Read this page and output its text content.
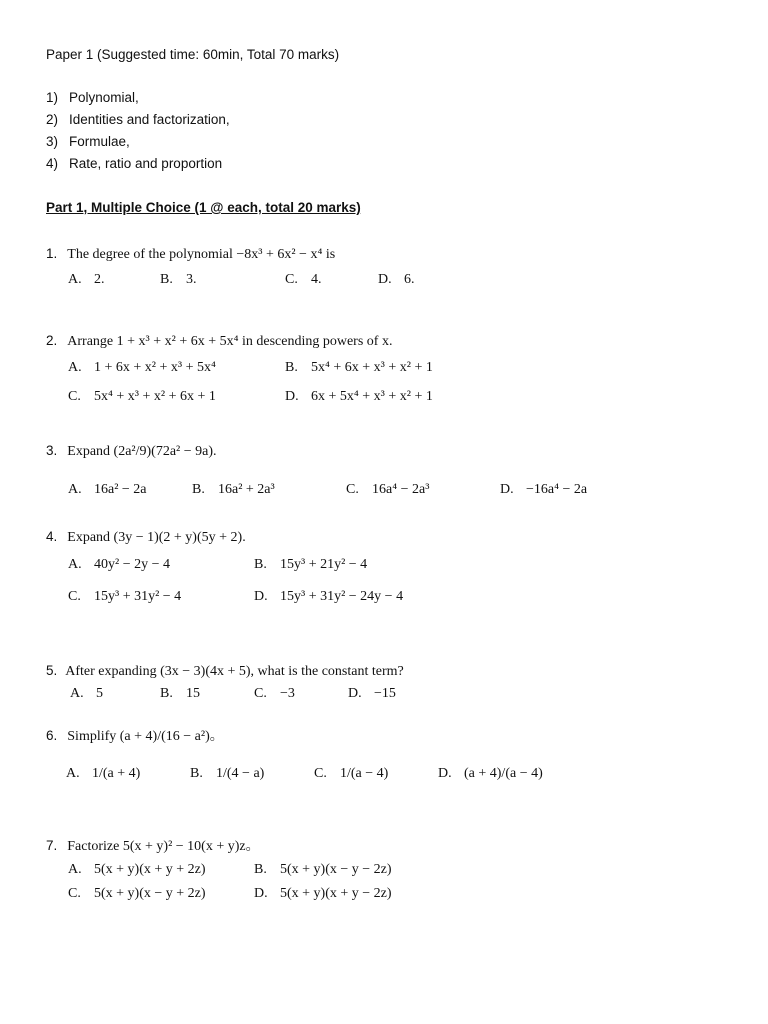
Paper 1 (Suggested time: 60min, Total 70 marks)
1) Polynomial,
2) Identities and factorization,
3) Formulae,
4) Rate, ratio and proportion
Part 1, Multiple Choice (1 @ each, total 20 marks)
1. The degree of the polynomial −8x³ + 6x² − x⁴ is
A. 2.	B. 3.	C. 4.	D. 6.
2. Arrange 1 + x³ + x² + 6x + 5x⁴ in descending powers of x.
A. 1 + 6x + x² + x³ + 5x⁴	B. 5x⁴ + 6x + x³ + x² + 1
C. 5x⁴ + x³ + x² + 6x + 1	D. 6x + 5x⁴ + x³ + x² + 1
3. Expand (2a²/9)(72a² − 9a).
A. 16a² − 2a	B. 16a² + 2a³	C. 16a⁴ − 2a³	D. −16a⁴ − 2a
4. Expand (3y − 1)(2 + y)(5y + 2).
A. 40y² − 2y − 4	B. 15y³ + 21y² − 4
C. 15y³ + 31y² − 4	D. 15y³ + 31y² − 24y − 4
5. After expanding (3x − 3)(4x + 5), what is the constant term?
A. 5	B. 15	C. −3	D. −15
6. Simplify (a + 4)/(16 − a²)。
A. 1/(a + 4)	B. 1/(4 − a)	C. 1/(a − 4)	D. (a + 4)/(a − 4)
7. Factorize 5(x + y)² − 10(x + y)z。
A. 5(x + y)(x + y + 2z)	B. 5(x + y)(x − y − 2z)
C. 5(x + y)(x − y + 2z)	D. 5(x + y)(x + y − 2z)
